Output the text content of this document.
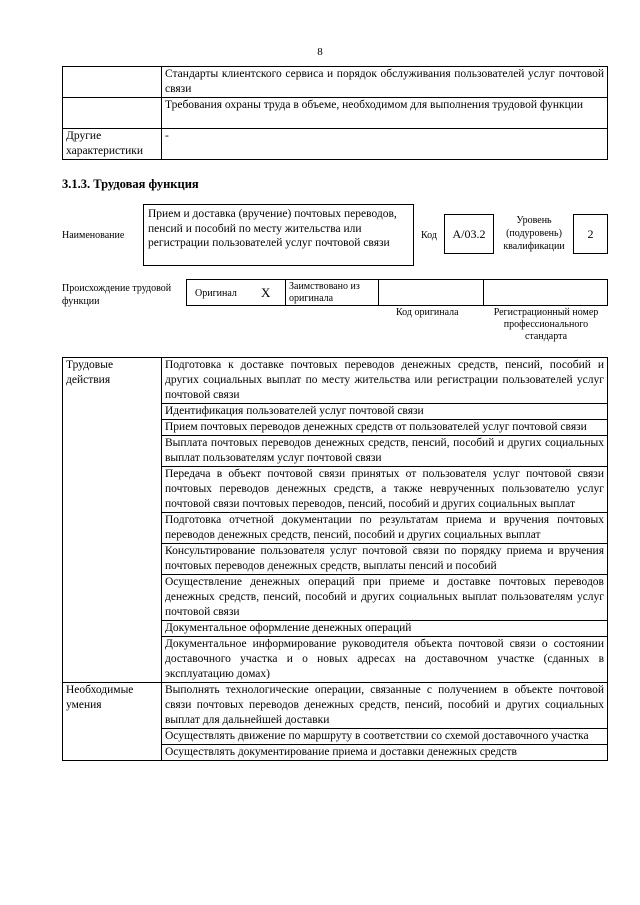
8
	Стандарты клиентского сервиса и порядок обслуживания пользователей услуг почтовой связи
	Требования охраны труда в объеме, необходимом для выполнения трудовой функции
Другие характеристики	-
3.1.3. Трудовая функция
Наименование
Прием и доставка (вручение) почтовых переводов, пенсий и пособий по месту жительства или регистрации пользователей услуг почтовой связи
Код	A/03.2
Уровень (подуровень) квалификации
2
Происхождение трудовой функции
Оригинал X	Заимствовано из оригинала
Код оригинала	Регистрационный номер профессионального стандарта
Трудовые действия	Подготовка к доставке почтовых переводов денежных средств, пенсий, пособий и других социальных выплат по месту жительства или регистрации пользователей услуг почтовой связи
	Идентификация пользователей услуг почтовой связи
	Прием почтовых переводов денежных средств от пользователей услуг почтовой связи
	Выплата почтовых переводов денежных средств, пенсий, пособий и других социальных выплат пользователям услуг почтовой связи
	Передача в объект почтовой связи принятых от пользователя услуг почтовой связи почтовых переводов денежных средств, а также неврученных пользователю услуг почтовой связи почтовых переводов, пенсий, пособий и других социальных выплат
	Подготовка отчетной документации по результатам приема и вручения почтовых переводов денежных средств, пенсий, пособий и других социальных выплат
	Консультирование пользователя услуг почтовой связи по порядку приема и вручения почтовых переводов денежных средств, выплаты пенсий и пособий
	Осуществление денежных операций при приеме и доставке почтовых переводов денежных средств, пенсий, пособий и других социальных выплат пользователям услуг почтовой связи
	Документальное оформление денежных операций
	Документальное информирование руководителя объекта почтовой связи о состоянии доставочного участка и о новых адресах на доставочном участке (сданных в эксплуатацию домах)
Необходимые умения	Выполнять технологические операции, связанные с получением в объекте почтовой связи почтовых переводов денежных средств, пенсий, пособий и других социальных выплат для дальнейшей доставки
	Осуществлять движение по маршруту в соответствии со схемой доставочного участка
	Осуществлять документирование приема и доставки денежных средств
